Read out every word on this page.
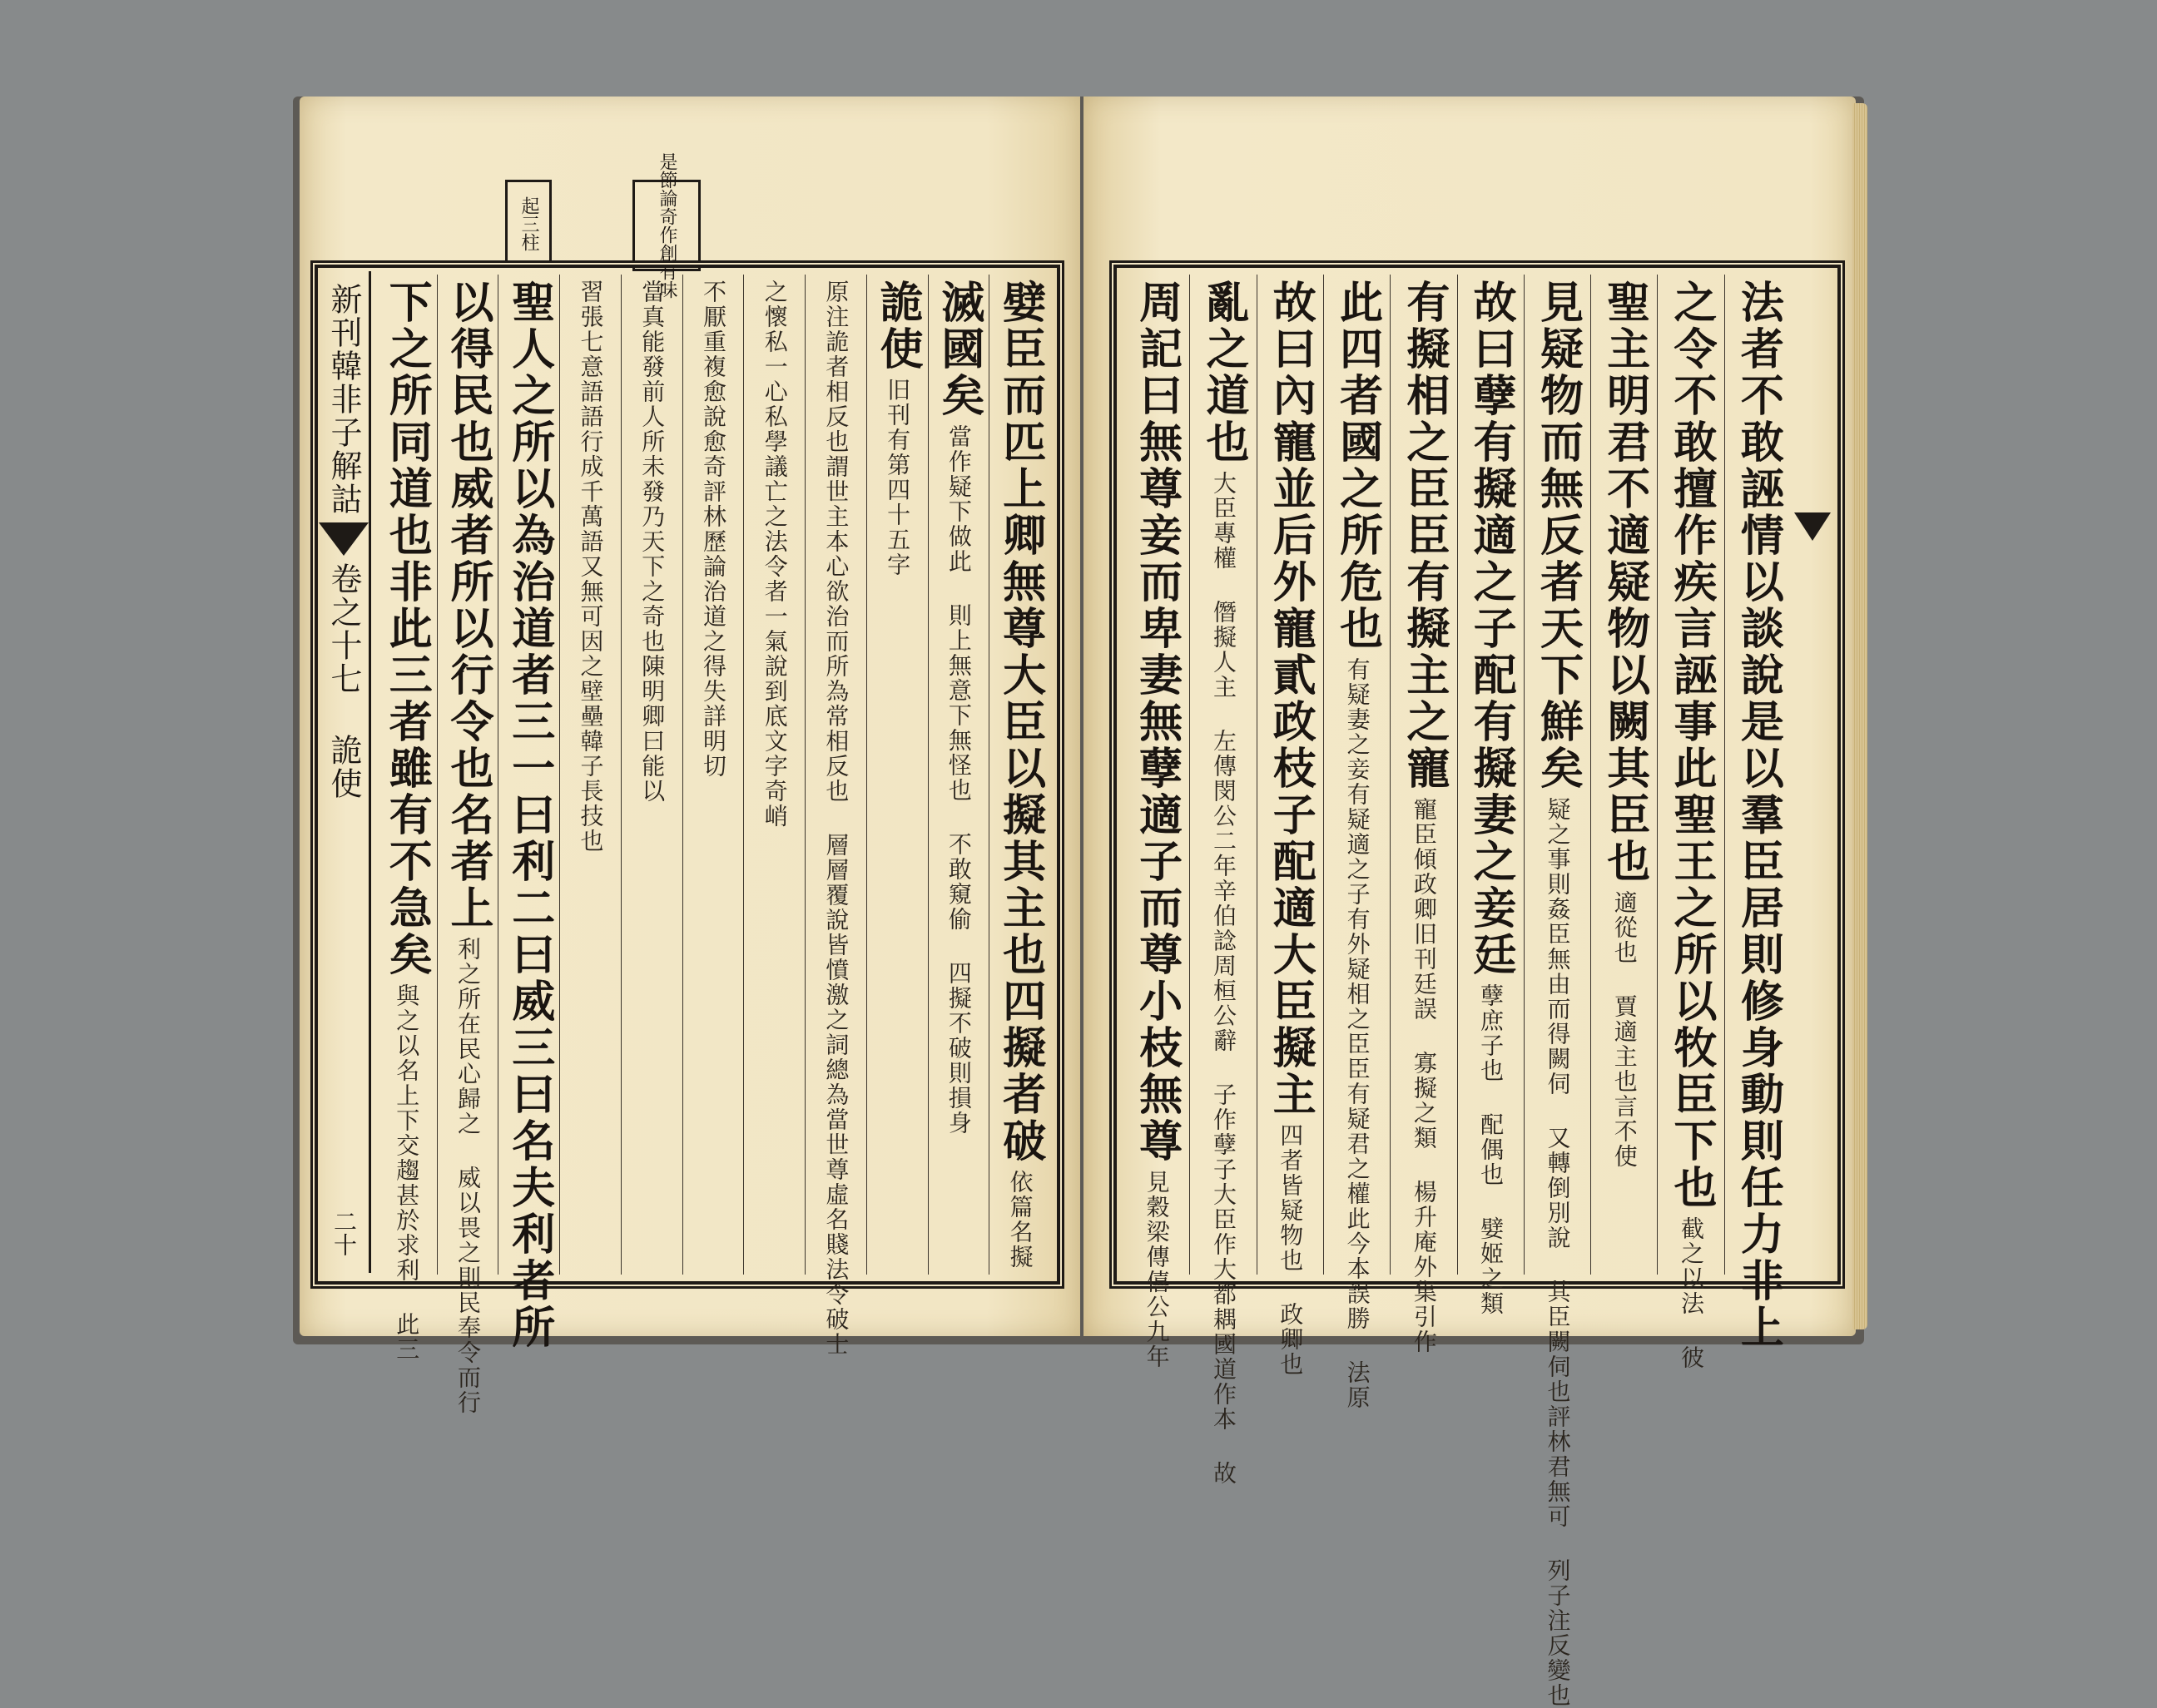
起三柱	是節論奇作創有味
嬖臣而匹上卿無尊大臣以擬其主也四擬者破
依篇名擬
滅國矣
當作疑下做此 則上無意下無怪也 不敢窺偷 四擬不破則損身
詭使
旧刊有第四十五字
原注詭者相反也謂世主本心欲治而所為常相反也 層層覆說皆憤激之詞總為當世尊虛名賤法令破士
之懷私一心私學議亡之法令者一氣說到底文字奇峭
不厭重複愈說愈奇評林歷論治道之得失詳明切
當真能發前人所未發乃天下之奇也陳明卿曰能以
習張七意語語行成千萬語又無可因之壁壘韓子長技也
聖人之所以為治道者三一曰利二曰威三曰名夫利者所
以得民也威者所以行令也名者上
利之所在民心歸之 威以畏之則民奉令而行
下之所同道也非此三者雖有不急矣
與之以名上下交趨甚於求利 此三
新刊韓非子解詁
卷之十七 詭使
二十	法者不敢誣情以談說是以羣臣居則修身動則任力非上
之令不敢擅作疾言誣事此聖王之所以牧臣下也
截之以法 彼
聖主明君不適疑物以闕其臣也
適從也 賈適主也言不使
見疑物而無反者天下鮮矣
疑之事則姦臣無由而得闕伺 又轉倒別說 其臣闕伺也評林君無可 列子注反變也
故曰孽有擬適之子配有擬妻之妾廷
孽庶子也 配偶也 嬖姬之類
有擬相之臣臣有擬主之寵
寵臣傾政卿旧刊廷誤 寡擬之類 楊升庵外集引作
此四者國之所危也
有疑妻之妾有疑適之子有外疑相之臣臣有疑君之權此今本誤勝 法原
故曰內寵並后外寵貳政枝子配適大臣擬主
四者皆疑物也 政卿也
亂之道也
大臣專權 僭擬人主 左傳閔公二年辛伯諗周桓公辭 子作孽子大臣作大都耦國道作本 故
周記曰無尊妾而卑妻無孽適子而尊小枝無尊
見穀梁傳僖公九年
